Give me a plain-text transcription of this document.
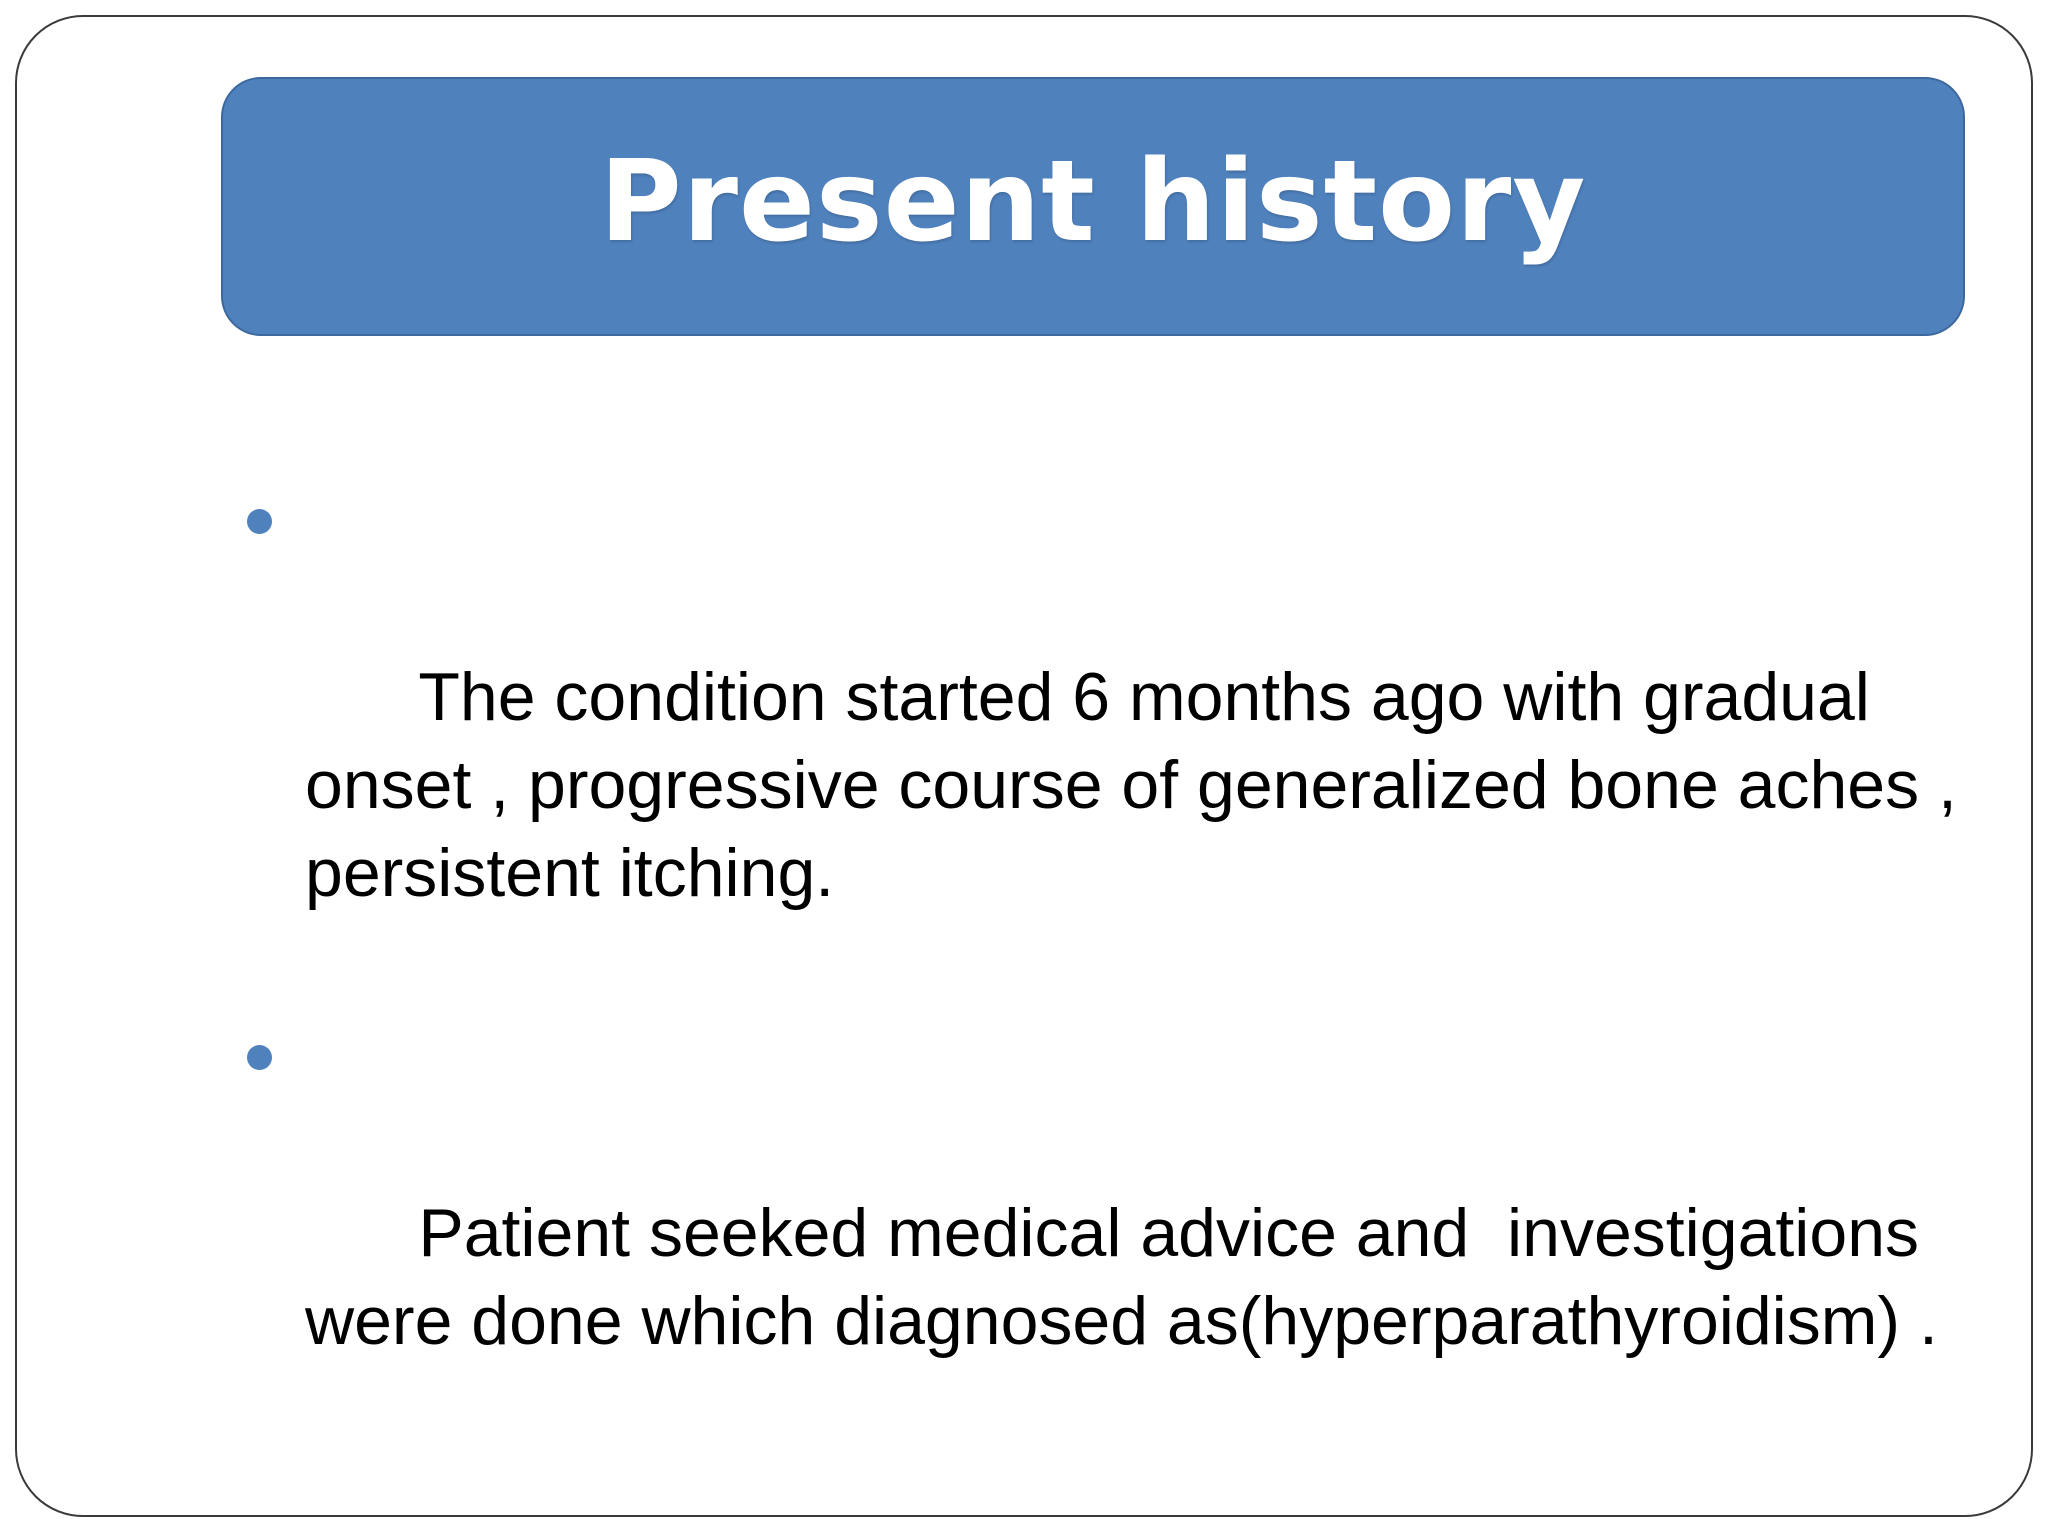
Present history

The condition started 6 months ago with gradual onset , progressive course of generalized bone aches , persistent itching.

Patient seeked medical advice and  investigations were done which diagnosed as(hyperparathyroidism) .
